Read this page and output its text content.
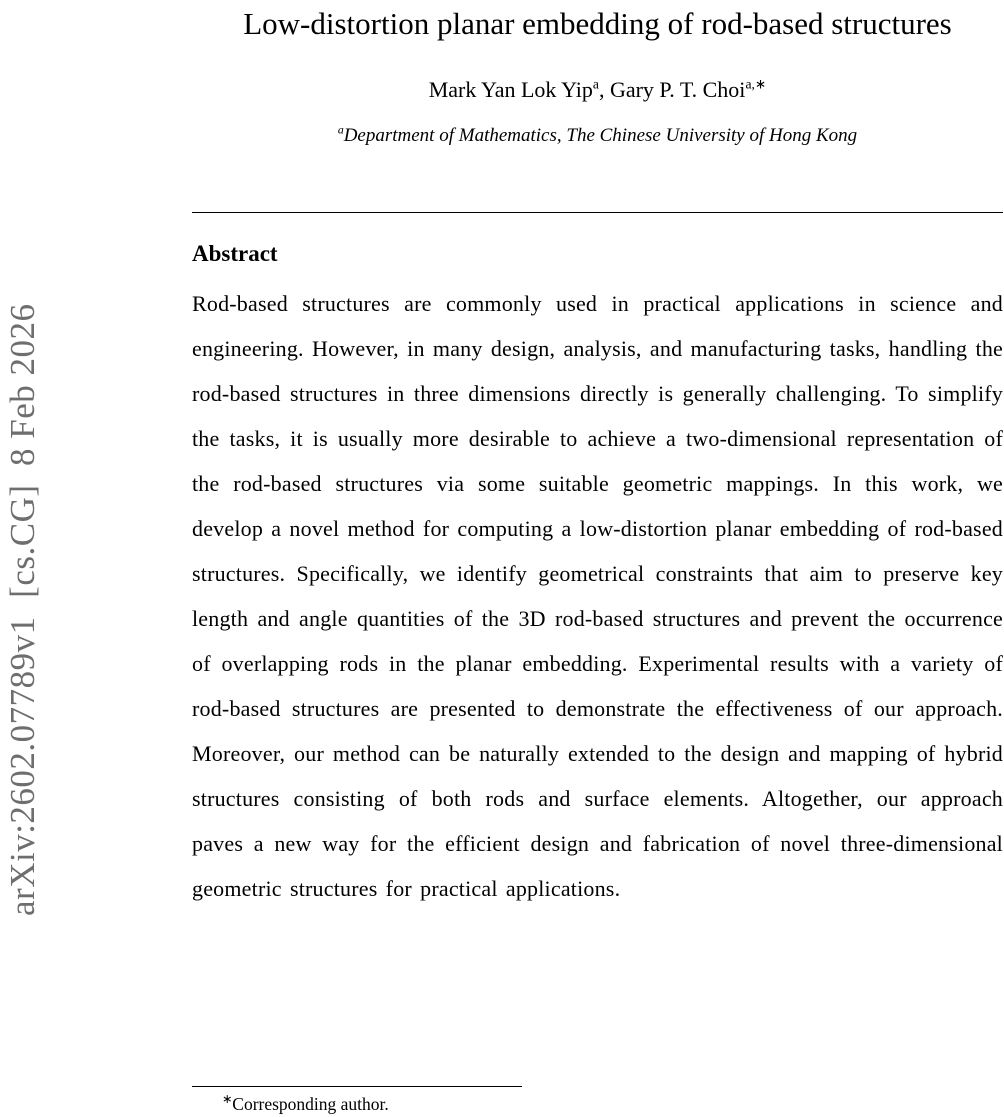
arXiv:2602.07789v1  [cs.CG]  8 Feb 2026
Low-distortion planar embedding of rod-based structures
Mark Yan Lok Yip$^a$, Gary P. T. Choi$^{a,∗}$
$^a$Department of Mathematics, The Chinese University of Hong Kong
Abstract

Rod-based structures are commonly used in practical applications in science and engineering. However, in many design, analysis, and manufacturing tasks, handling the rod-based structures in three dimensions directly is generally challenging. To simplify the tasks, it is usually more desirable to achieve a two-dimensional representation of the rod-based structures via some suitable geometric mappings. In this work, we develop a novel method for computing a low-distortion planar embedding of rod-based structures. Specifically, we identify geometrical constraints that aim to preserve key length and angle quantities of the 3D rod-based structures and prevent the occurrence of overlapping rods in the planar embedding. Experimental results with a variety of rod-based structures are presented to demonstrate the effectiveness of our approach. Moreover, our method can be naturally extended to the design and mapping of hybrid structures consisting of both rods and surface elements. Altogether, our approach paves a new way for the efficient design and fabrication of novel three-dimensional geometric structures for practical applications.

∗Corresponding author.
